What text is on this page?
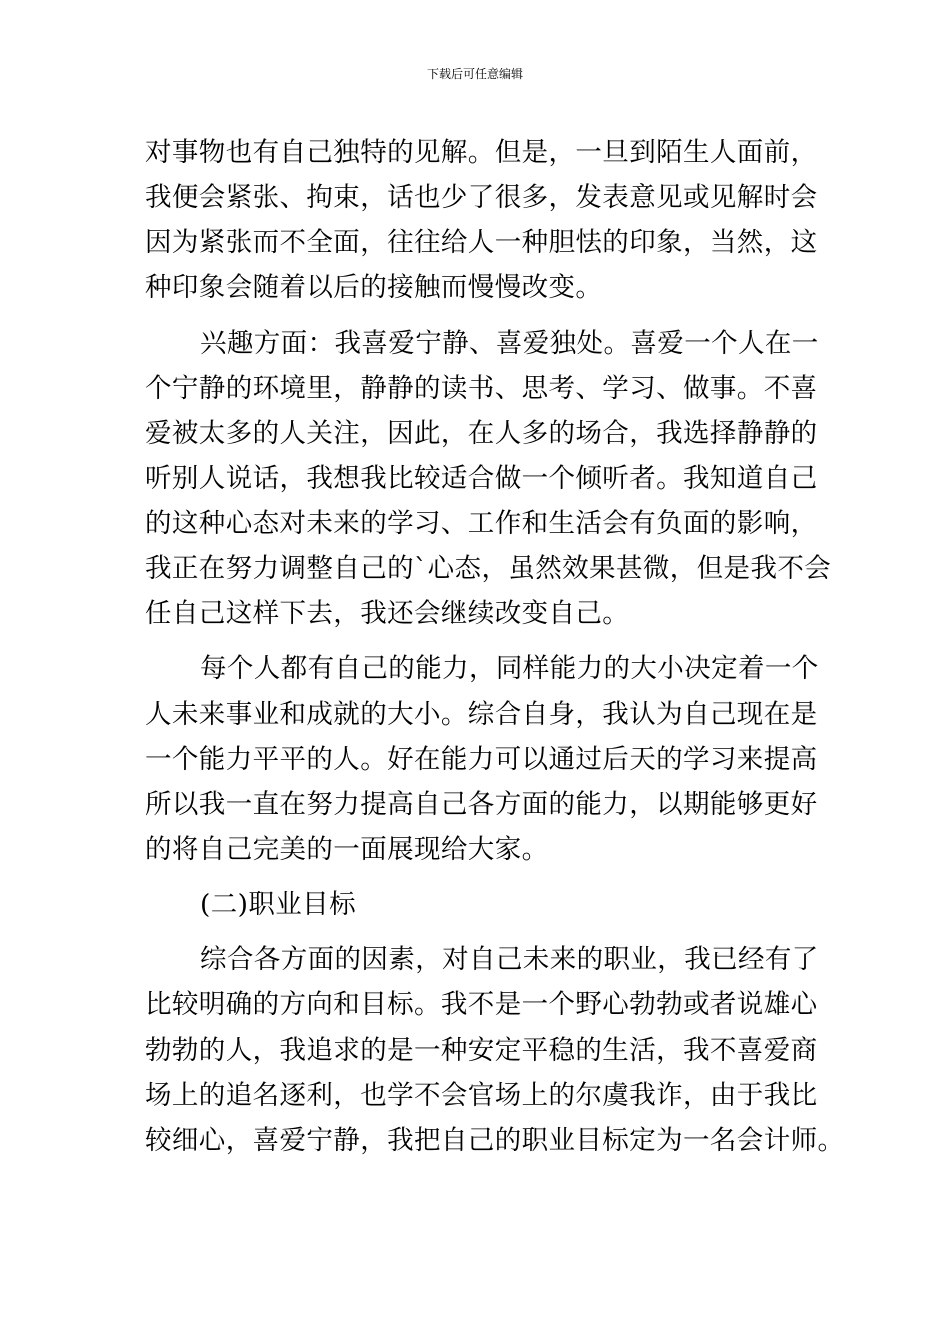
下载后可任意编辑
对事物也有自己独特的见解。但是，一旦到陌生人面前，
我便会紧张、拘束，话也少了很多，发表意见或见解时会
因为紧张而不全面，往往给人一种胆怯的印象，当然，这
种印象会随着以后的接触而慢慢改变。
兴趣方面：我喜爱宁静、喜爱独处。喜爱一个人在一
个宁静的环境里，静静的读书、思考、学习、做事。不喜
爱被太多的人关注，因此，在人多的场合，我选择静静的
听别人说话，我想我比较适合做一个倾听者。我知道自己
的这种心态对未来的学习、工作和生活会有负面的影响，
我正在努力调整自己的`心态，虽然效果甚微，但是我不会
任自己这样下去，我还会继续改变自己。
每个人都有自己的能力，同样能力的大小决定着一个
人未来事业和成就的大小。综合自身，我认为自己现在是
一个能力平平的人。好在能力可以通过后天的学习来提高
所以我一直在努力提高自己各方面的能力，以期能够更好
的将自己完美的一面展现给大家。
(二)职业目标
综合各方面的因素，对自己未来的职业，我已经有了
比较明确的方向和目标。我不是一个野心勃勃或者说雄心
勃勃的人，我追求的是一种安定平稳的生活，我不喜爱商
场上的追名逐利，也学不会官场上的尔虞我诈，由于我比
较细心，喜爱宁静，我把自己的职业目标定为一名会计师。
